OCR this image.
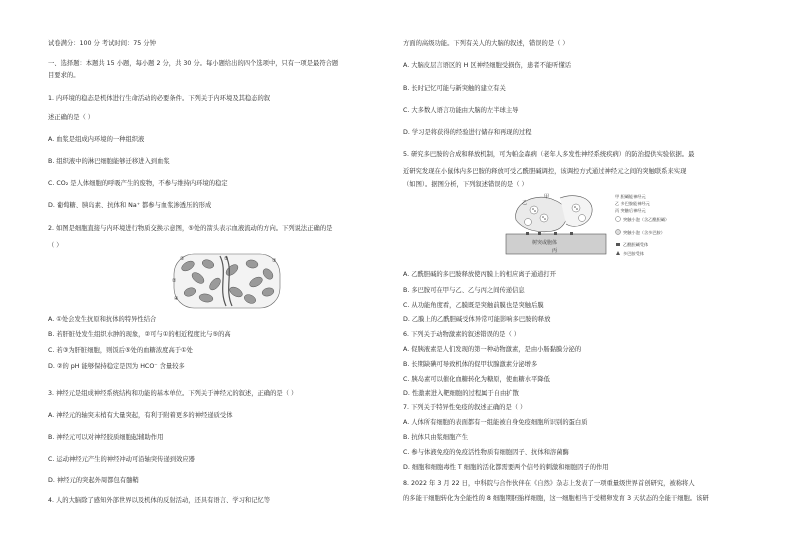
试卷满分：100 分 考试时间：75 分钟
一、选择题：本题共 15 小题，每小题 2 分，共 30 分。每小题给出的四个选项中，只有一项是最符合题
目要求的。
1. 内环境的稳态是机体进行生命活动的必要条件。下列关于内环境及其稳态的叙
述正确的是（ ）
A. 血浆是组成内环境的一种组织液
B. 组织液中的淋巴细胞能够迁移进入到血浆
C. CO₂ 是人体细胞的呼吸产生的废物，不参与维持内环境的稳定
D. 葡萄糖、胰岛素、抗体和 Na⁺ 都参与血浆渗透压的形成
2. 如图是细胞直接与内环境进行物质交换示意图，⑤处的箭头表示血液流动的方向。下列说法正确的是
（ ）
①
②
③
④
⑤
A. ①处会发生抗原和抗体的特异性结合
B. 若肝脏处发生组织水肿的现象，②可与①的相近程度比与⑤的高
C. 若③为肝脏细胞，则饭后⑤处的血糖浓度高于①处
D. ②的 pH 能够保持稳定是因为 HCO⁻ 含量较多
3. 神经元是组成神经系统结构和功能的基本单位。下列关于神经元的叙述，正确的是（ ）
A. 神经元的轴突末梢有大量突起，有利于附着更多的神经递质受体
B. 神经元可以对神经胶质细胞起辅助作用
C. 运动神经元产生的神经冲动可沿轴突传递到效应器
D. 神经元的突起外周都包有髓鞘
4. 人的大脑除了感知外部世界以及机体的反射活动，还具有语言、学习和记忆等
方面的高级功能。下列有关人的大脑的叙述，错误的是（ ）
A. 大脑皮层言语区的 H 区神经细胞受损伤，患者不能听懂话
B. 长时记忆可能与新突触的建立有关
C. 大多数人语言功能由大脑的左半球主导
D. 学习是将获得的经验进行储存和再现的过程
5. 研究多巴胺的合成和释放机制，可为帕金森病（老年人多发性神经系统疾病）的防治提供实验依据。最
近研究发现在小鼠体内多巴胺的释放可受乙酰胆碱调控，该调控方式通过神经元之间的突触联系来实现
（如图）。据图分析，下列叙述错误的是（ ）
甲
乙
树突或胞体
丙
甲 胆碱能神经元
乙 多巴胺能神经元
丙 突触后神经元
突触小泡（含乙酰胆碱）
突触小泡（含多巴胺）
乙酰胆碱受体
多巴胺受体
A. 乙酰胆碱的多巴胺释放使丙膜上的相应离子通道打开
B. 多巴胺可在甲与乙、乙与丙之间传递信息
C. 从功能角度看，乙膜既是突触前膜也是突触后膜
D. 乙膜上的乙酰胆碱受体异常可能影响多巴胺的释放
6. 下列关于动物激素的叙述错误的是（ ）
A. 促胰液素是人们发现的第一种动物激素，是由小肠黏膜分泌的
B. 长期缺碘可导致机体的促甲状腺激素分泌增多
C. 胰岛素可以催化血糖转化为糖原，使血糖水平降低
D. 性激素进入靶细胞的过程属于自由扩散
7. 下列关于特异性免疫的叙述正确的是（ ）
A. 人体所有细胞的表面都有一组能被自身免疫细胞所识别的蛋白质
B. 抗体只由浆细胞产生
C. 参与体液免疫的免疫活性物质有细胞因子、抗体和溶菌酶
D. 细胞和细胞毒性 T 细胞的活化都需要两个信号的刺激和细胞因子的作用
8. 2022 年 3 月 22 日，中科院与合作伙伴在《自然》杂志上发表了一项重量级世界首创研究，被称将人
的多能干细胞转化为全能性的 8 细胞期胚胎样细胞，这一细胞相当于受精卵发育 3 天状态的全能干细胞。该研
